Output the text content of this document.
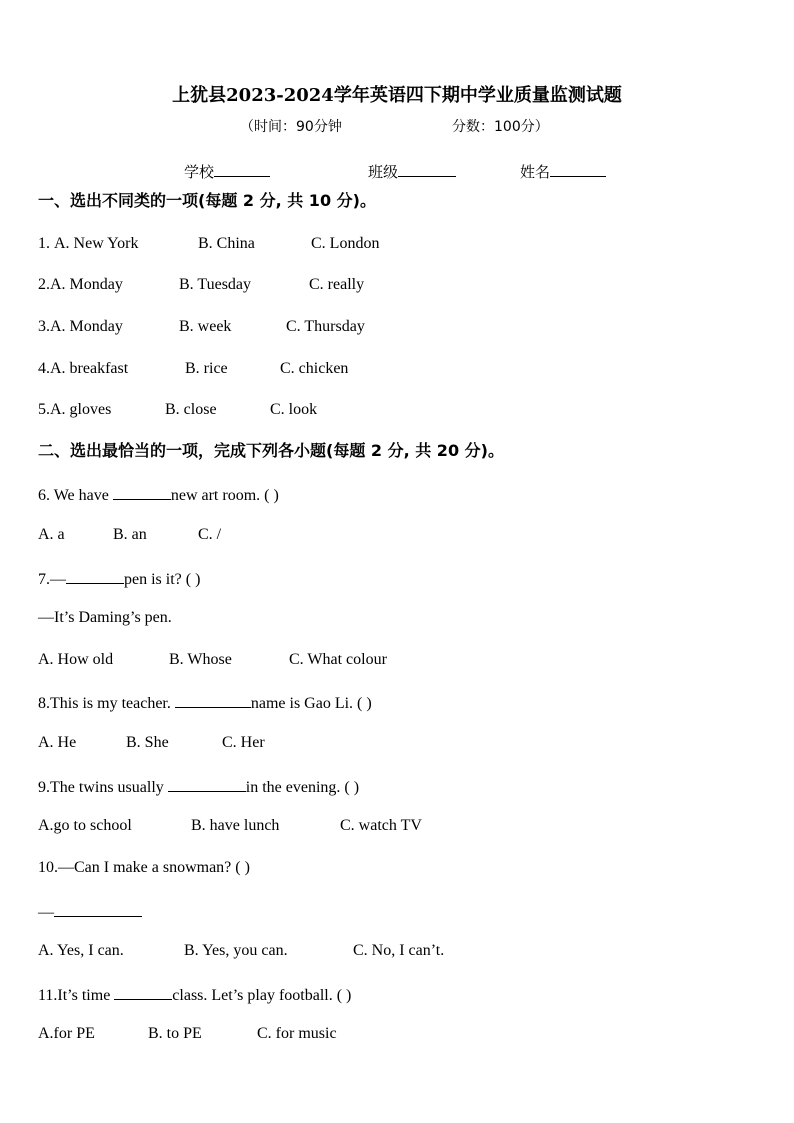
上犹县2023-2024学年英语四下期中学业质量监测试题
（时间：90分钟	分数：100分）
学校	班级	姓名
一、选出不同类的一项(每题 2 分, 共 10 分)。
1. A. New York	B. China	C. London
2.A. Monday	B. Tuesday	C. really
3.A. Monday	B. week	C. Thursday
4.A. breakfast	B. rice	C. chicken
5.A. gloves	B. close	C. look
二、选出最恰当的一项，完成下列各小题(每题 2 分, 共 20 分)。
6. We have	new art room. ( )
A. a	B. an	C. /
7.—	pen is it? ( )
—It’s Daming’s pen.
A. How old	B. Whose	C. What colour
8.This is my teacher.	name is Gao Li. ( )
A. He	B. She	C. Her
9.The twins usually	in the evening. ( )
A.go to school	B. have lunch	C. watch TV
10.—Can I make a snowman? ( )
—
A. Yes, I can.	B. Yes, you can.	C. No, I can’t.
11.It’s time	class. Let’s play football. ( )
A.for PE	B. to PE	C. for music
